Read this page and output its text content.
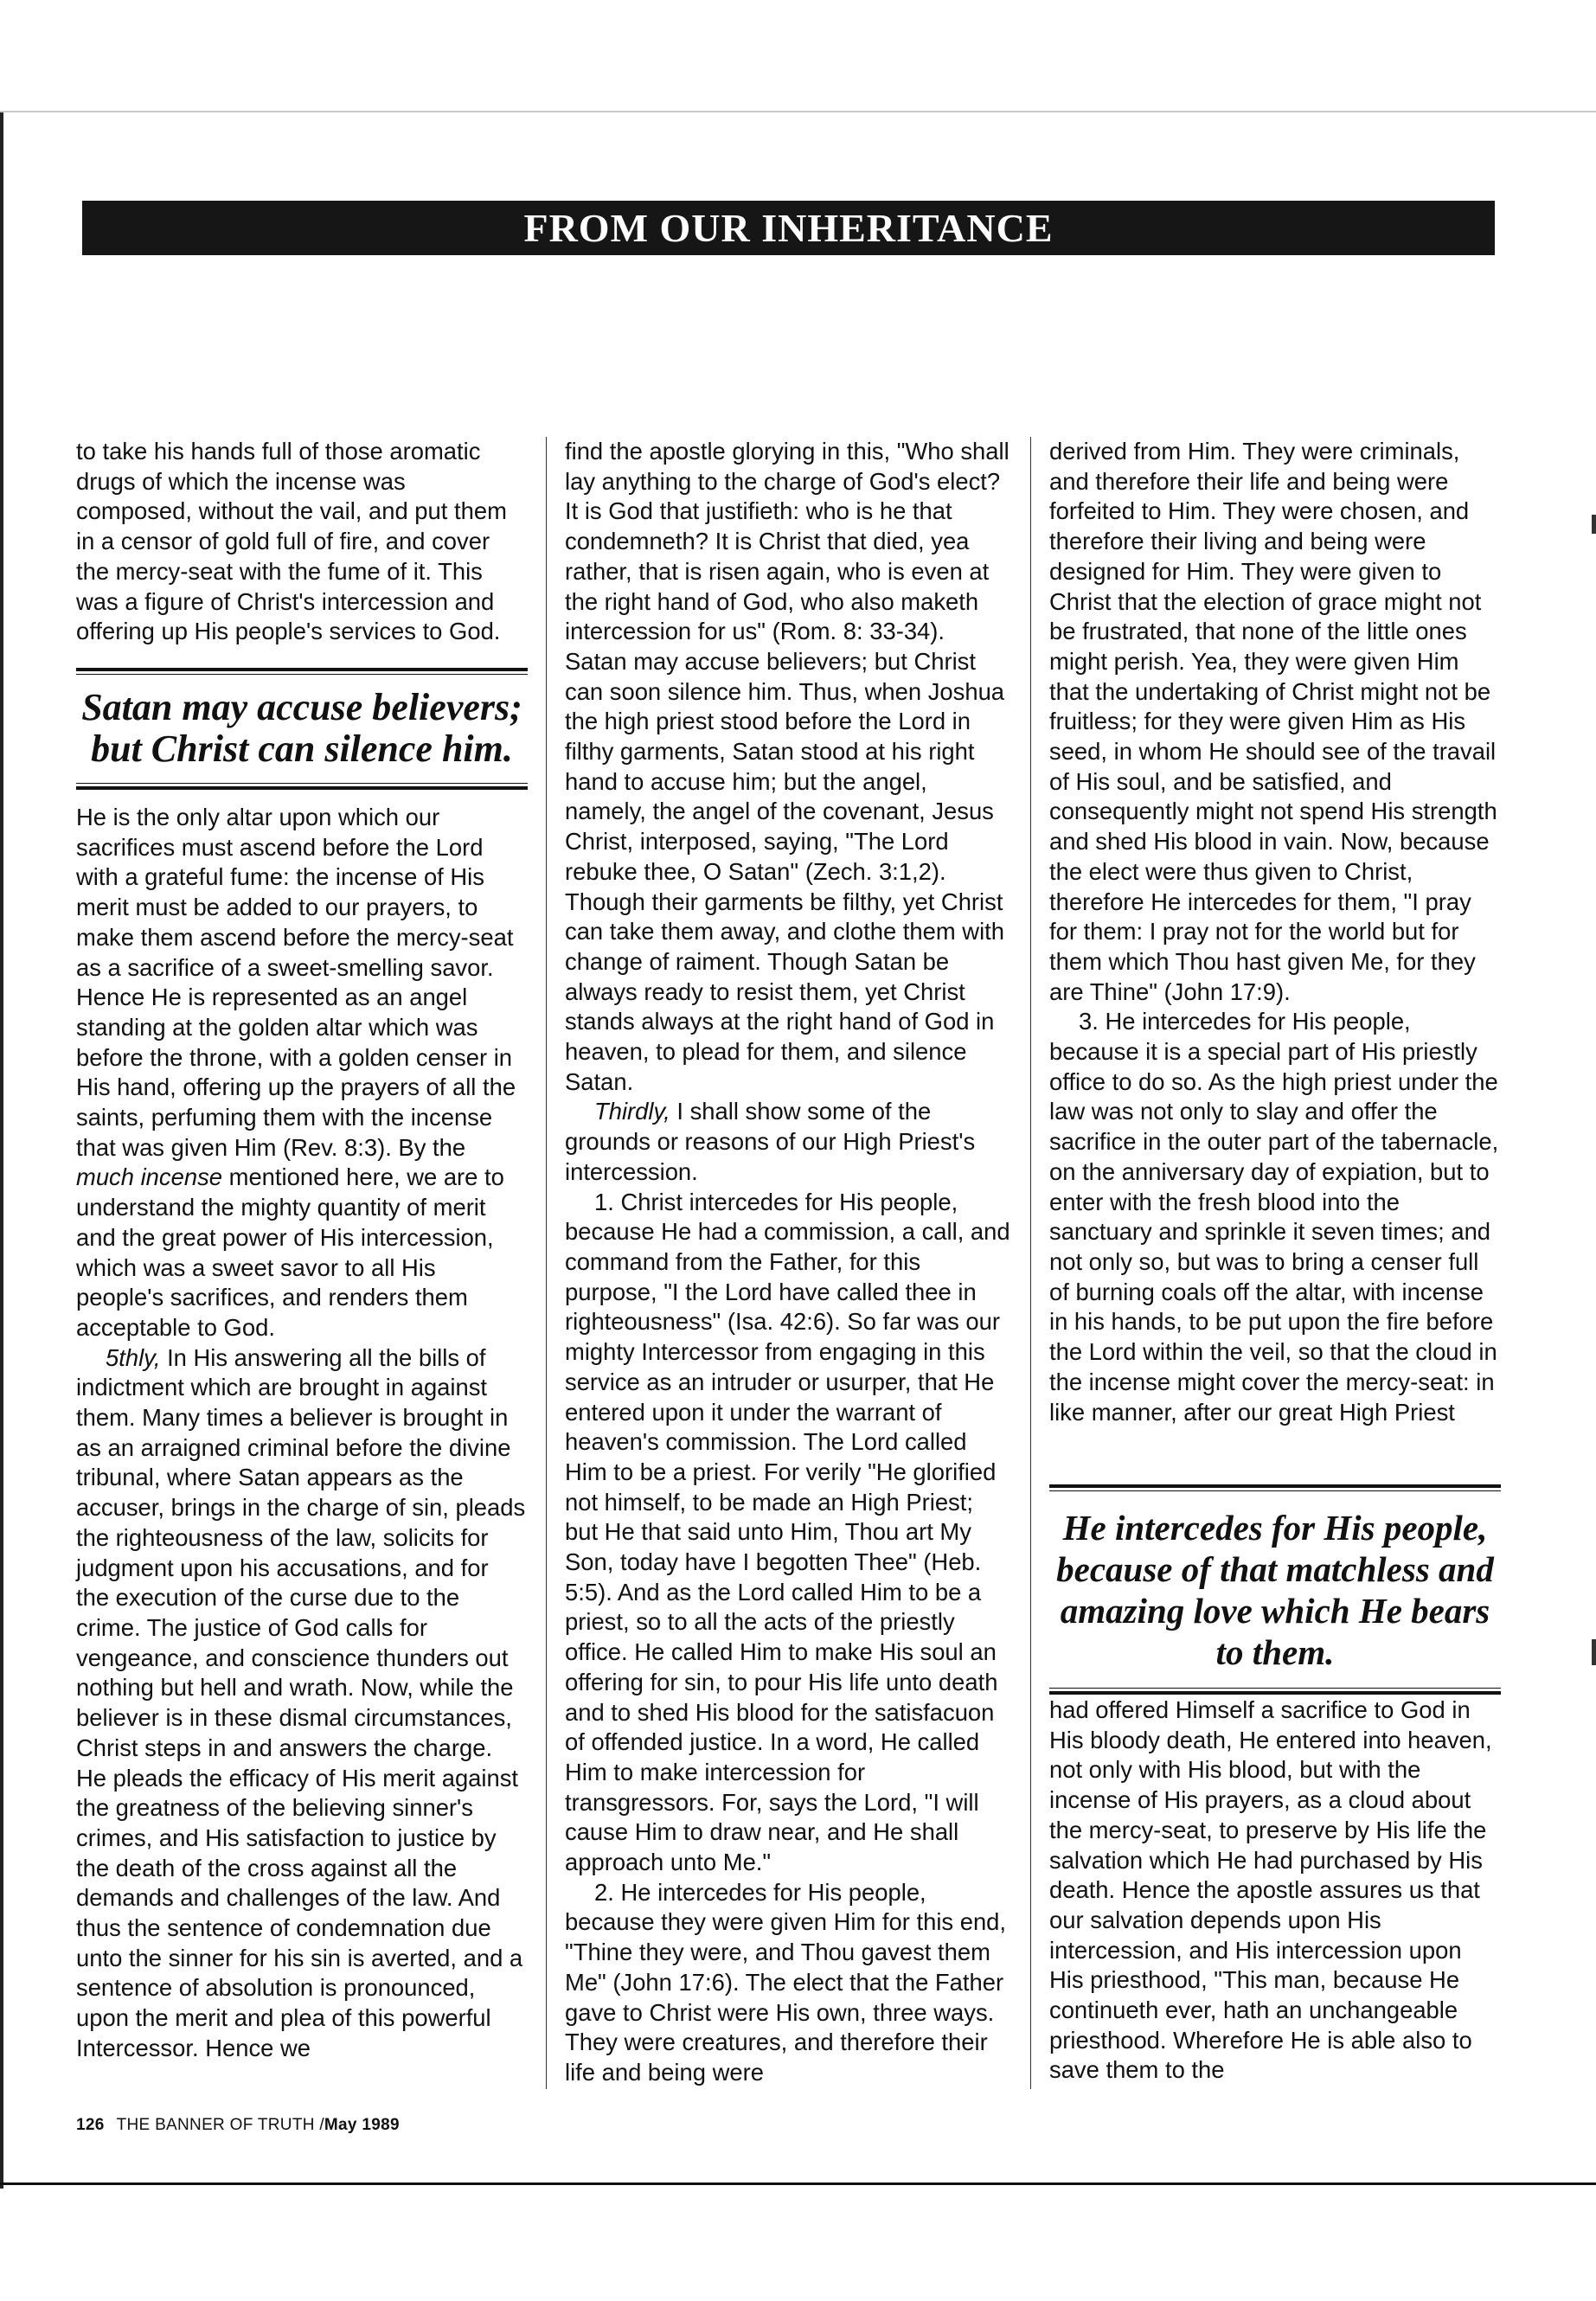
FROM OUR INHERITANCE

to take his hands full of those aromatic drugs of which the incense was composed, without the vail, and put them in a censor of gold full of fire, and cover the mercy-seat with the fume of it. This was a figure of Christ's intercession and offering up His people's services to God.

Satan may accuse believers; but Christ can silence him.

He is the only altar upon which our sacrifices must ascend before the Lord with a grateful fume: the incense of His merit must be added to our prayers, to make them ascend before the mercy-seat as a sacrifice of a sweet-smelling savor. Hence He is represented as an angel standing at the golden altar which was before the throne, with a golden censer in His hand, offering up the prayers of all the saints, perfuming them with the incense that was given Him (Rev. 8:3). By the much incense mentioned here, we are to understand the mighty quantity of merit and the great power of His intercession, which was a sweet savor to all His people's sacrifices, and renders them acceptable to God.

5thly, In His answering all the bills of indictment which are brought in against them. Many times a believer is brought in as an arraigned criminal before the divine tribunal, where Satan appears as the accuser, brings in the charge of sin, pleads the righteousness of the law, solicits for judgment upon his accusations, and for the execution of the curse due to the crime. The justice of God calls for vengeance, and conscience thunders out nothing but hell and wrath. Now, while the believer is in these dismal circumstances, Christ steps in and answers the charge. He pleads the efficacy of His merit against the greatness of the believing sinner's crimes, and His satisfaction to justice by the death of the cross against all the demands and challenges of the law. And thus the sentence of condemnation due unto the sinner for his sin is averted, and a sentence of absolution is pronounced, upon the merit and plea of this powerful Intercessor. Hence we

find the apostle glorying in this, "Who shall lay anything to the charge of God's elect? It is God that justifieth: who is he that condemneth? It is Christ that died, yea rather, that is risen again, who is even at the right hand of God, who also maketh intercession for us" (Rom. 8: 33-34). Satan may accuse believers; but Christ can soon silence him. Thus, when Joshua the high priest stood before the Lord in filthy garments, Satan stood at his right hand to accuse him; but the angel, namely, the angel of the covenant, Jesus Christ, interposed, saying, "The Lord rebuke thee, O Satan" (Zech. 3:1,2). Though their garments be filthy, yet Christ can take them away, and clothe them with change of raiment. Though Satan be always ready to resist them, yet Christ stands always at the right hand of God in heaven, to plead for them, and silence Satan.

Thirdly, I shall show some of the grounds or reasons of our High Priest's intercession.

1. Christ intercedes for His people, because He had a commission, a call, and command from the Father, for this purpose, "I the Lord have called thee in righteousness" (Isa. 42:6). So far was our mighty Intercessor from engaging in this service as an intruder or usurper, that He entered upon it under the warrant of heaven's commission. The Lord called Him to be a priest. For verily "He glorified not himself, to be made an High Priest; but He that said unto Him, Thou art My Son, today have I begotten Thee" (Heb. 5:5). And as the Lord called Him to be a priest, so to all the acts of the priestly office. He called Him to make His soul an offering for sin, to pour His life unto death and to shed His blood for the satisfacuon of offended justice. In a word, He called Him to make intercession for transgressors. For, says the Lord, "I will cause Him to draw near, and He shall approach unto Me."

2. He intercedes for His people, because they were given Him for this end, "Thine they were, and Thou gavest them Me" (John 17:6). The elect that the Father gave to Christ were His own, three ways. They were creatures, and therefore their life and being were

derived from Him. They were criminals, and therefore their life and being were forfeited to Him. They were chosen, and therefore their living and being were designed for Him. They were given to Christ that the election of grace might not be frustrated, that none of the little ones might perish. Yea, they were given Him that the undertaking of Christ might not be fruitless; for they were given Him as His seed, in whom He should see of the travail of His soul, and be satisfied, and consequently might not spend His strength and shed His blood in vain. Now, because the elect were thus given to Christ, therefore He intercedes for them, "I pray for them: I pray not for the world but for them which Thou hast given Me, for they are Thine" (John 17:9).

3. He intercedes for His people, because it is a special part of His priestly office to do so. As the high priest under the law was not only to slay and offer the sacrifice in the outer part of the tabernacle, on the anniversary day of expiation, but to enter with the fresh blood into the sanctuary and sprinkle it seven times; and not only so, but was to bring a censer full of burning coals off the altar, with incense in his hands, to be put upon the fire before the Lord within the veil, so that the cloud in the incense might cover the mercy-seat: in like manner, after our great High Priest

He intercedes for His people, because of that matchless and amazing love which He bears to them.

had offered Himself a sacrifice to God in His bloody death, He entered into heaven, not only with His blood, but with the incense of His prayers, as a cloud about the mercy-seat, to preserve by His life the salvation which He had purchased by His death. Hence the apostle assures us that our salvation depends upon His intercession, and His intercession upon His priesthood, "This man, because He continueth ever, hath an unchangeable priesthood. Wherefore He is able also to save them to the

126 THE BANNER OF TRUTH /May 1989
